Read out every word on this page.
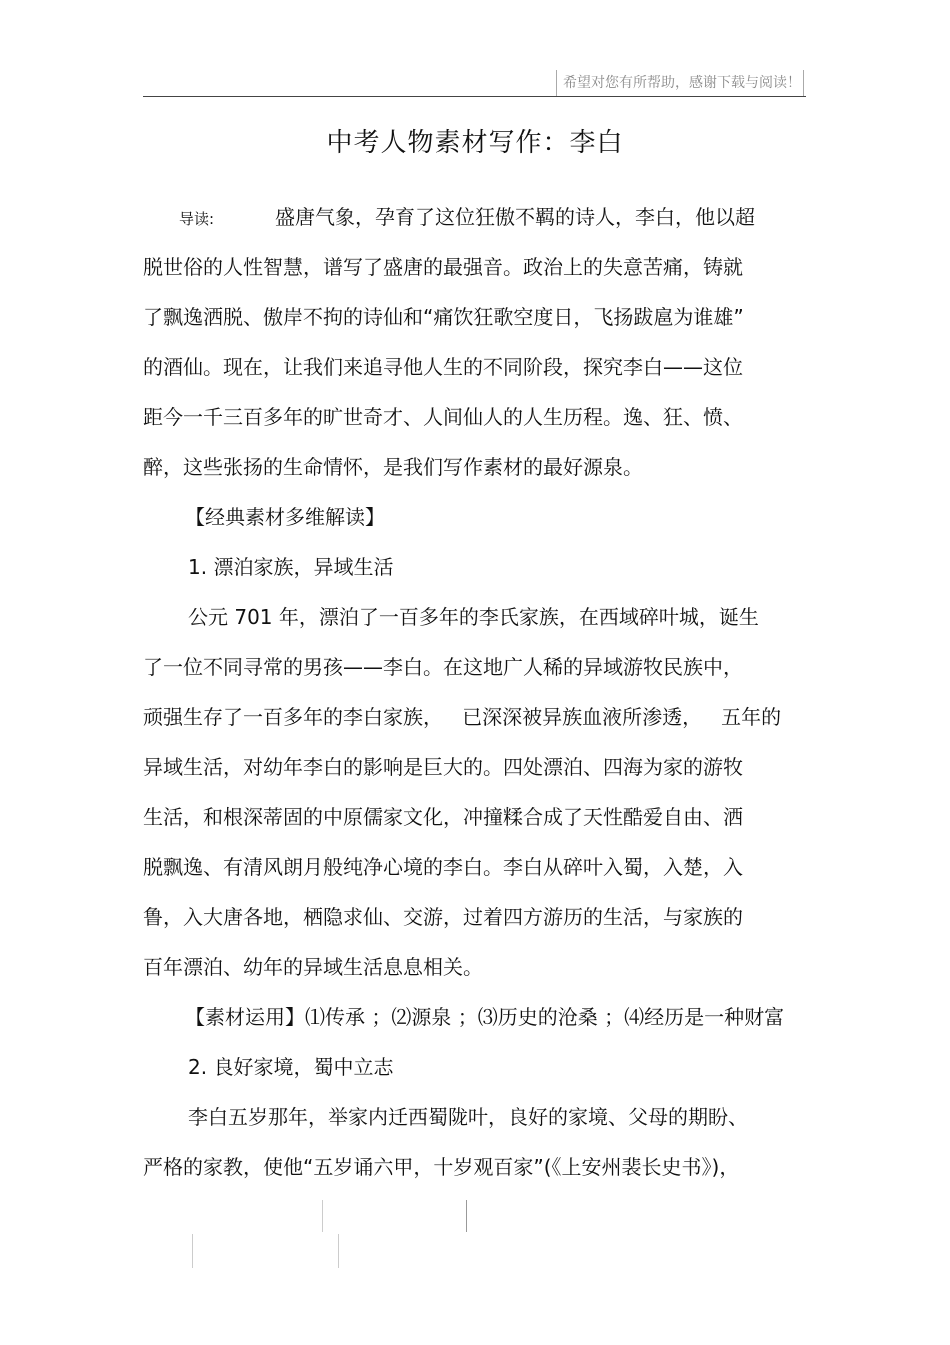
希望对您有所帮助，感谢下载与阅读！
中考人物素材写作：李白
导读:	盛唐气象，孕育了这位狂傲不羁的诗人，李白，他以超
脱世俗的人性智慧，谱写了盛唐的最强音。政治上的失意苦痛，铸就
了飘逸洒脱、傲岸不拘的诗仙和“痛饮狂歌空度日，飞扬跋扈为谁雄”
的酒仙。现在，让我们来追寻他人生的不同阶段，探究李白——这位
距今一千三百多年的旷世奇才、人间仙人的人生历程。逸、狂、愤、
醉，这些张扬的生命情怀，是我们写作素材的最好源泉。
【经典素材多维解读】
1. 漂泊家族，异域生活
公元 701 年，漂泊了一百多年的李氏家族，在西域碎叶城，诞生
了一位不同寻常的男孩——李白。在这地广人稀的异域游牧民族中，
顽强生存了一百多年的李白家族，   已深深被异族血液所渗透，   五年的
异域生活，对幼年李白的影响是巨大的。四处漂泊、四海为家的游牧
生活，和根深蒂固的中原儒家文化，冲撞糅合成了天性酷爱自由、洒
脱飘逸、有清风朗月般纯净心境的李白。李白从碎叶入蜀，入楚，入
鲁，入大唐各地，栖隐求仙、交游，过着四方游历的生活，与家族的
百年漂泊、幼年的异域生活息息相关。
【素材运用】⑴传承 ；⑵源泉 ；⑶历史的沧桑 ；⑷经历是一种财富
2. 良好家境，蜀中立志
李白五岁那年，举家内迁西蜀陇叶，良好的家境、父母的期盼、
严格的家教，使他“五岁诵六甲，十岁观百家”(《上安州裴长史书》)，
